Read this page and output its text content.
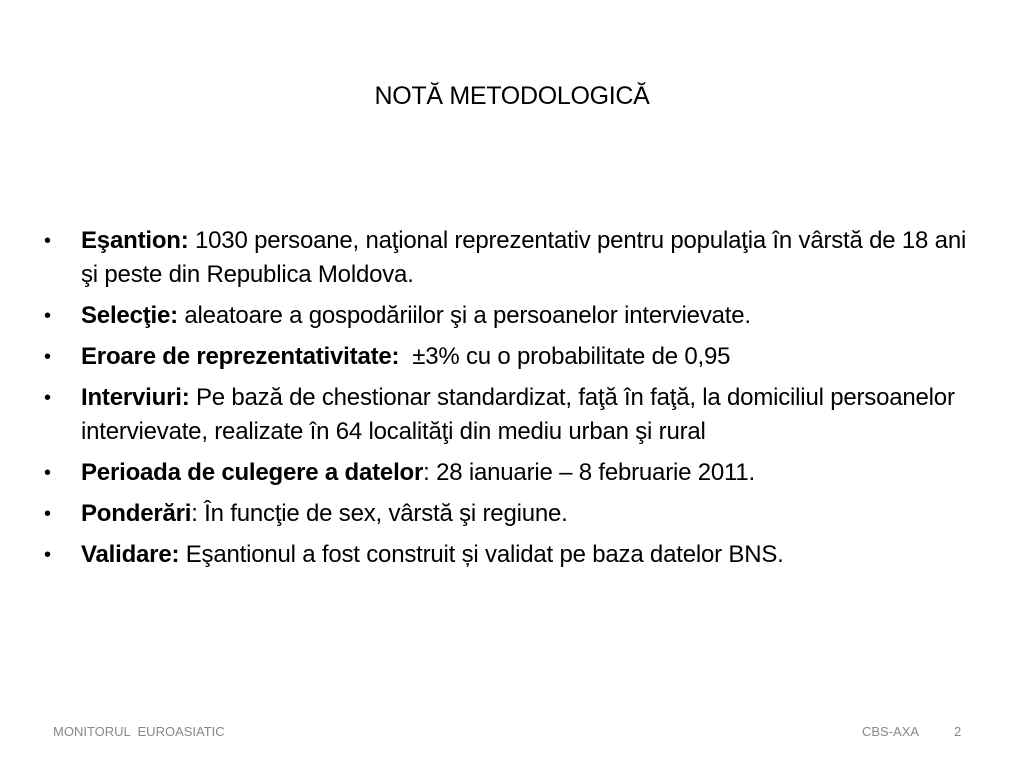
NOTĂ METODOLOGICĂ
• Eşantion: 1030 persoane, naţional reprezentativ pentru populaţia în vârstă de 18 ani şi peste din Republica Moldova.
• Selecţie: aleatoare a gospodăriilor şi a persoanelor intervievate.
• Eroare de reprezentativitate:  ±3% cu o probabilitate de 0,95
• Interviuri: Pe bază de chestionar standardizat, faţă în faţă, la domiciliul persoanelor intervievate, realizate în 64 localităţi din mediu urban şi rural
• Perioada de culegere a datelor: 28 ianuarie – 8 februarie 2011.
• Ponderări: În funcţie de sex, vârstă şi regiune.
• Validare: Eşantionul a fost construit și validat pe baza datelor BNS.
MONITORUL  EUROASIATIC	CBS-AXA	2
